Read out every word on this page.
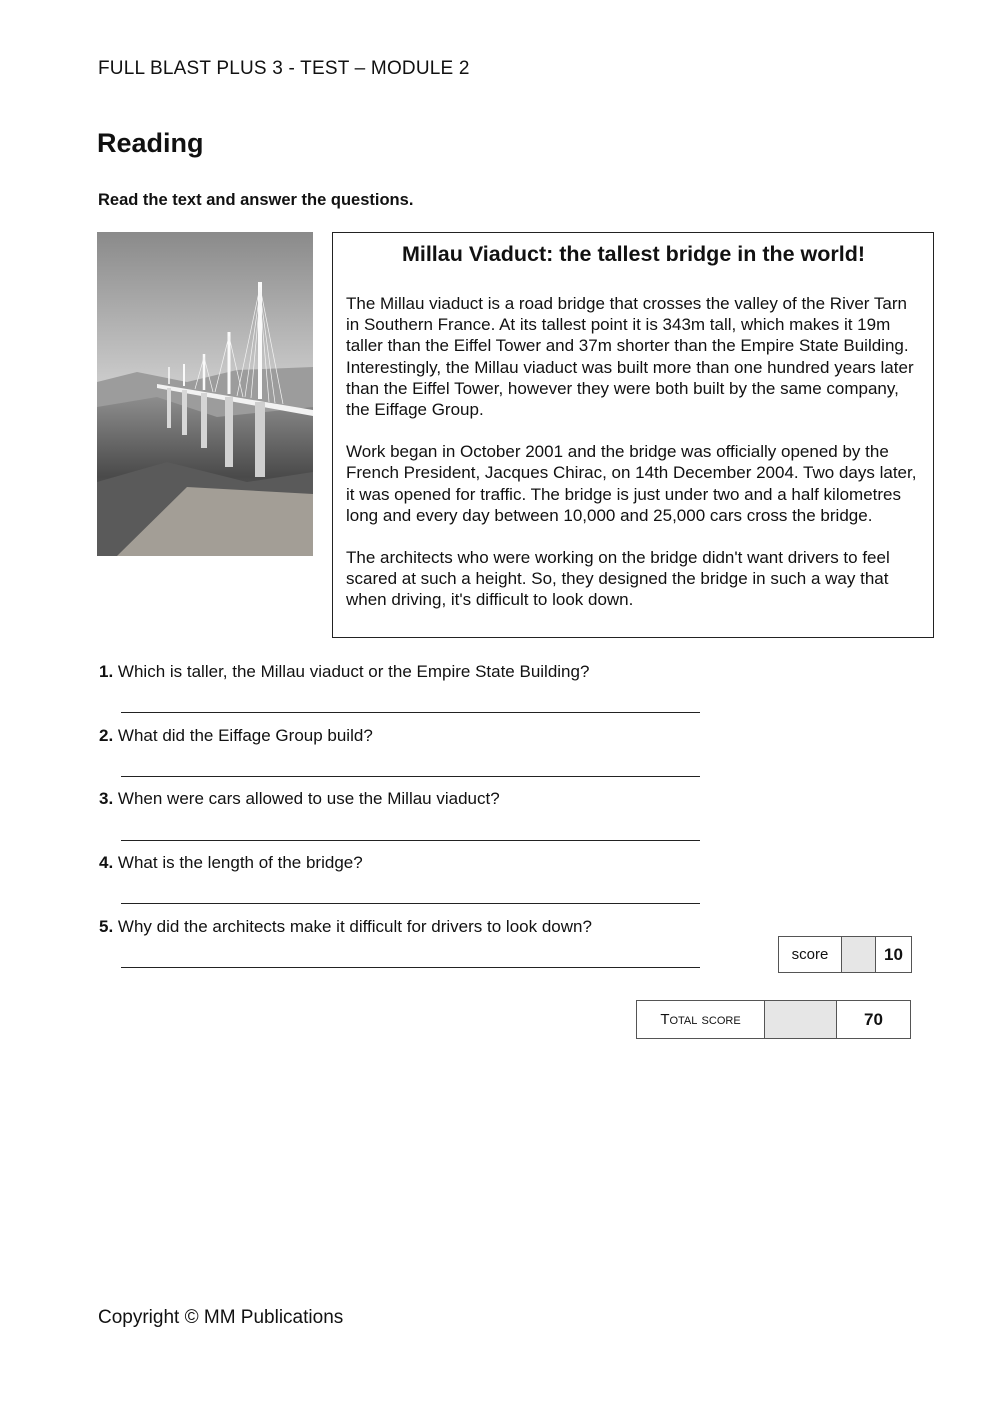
FULL BLAST PLUS 3 - TEST – MODULE 2
Reading
Read the text and answer the questions.
Millau Viaduct: the tallest bridge in the world!

The Millau viaduct is a road bridge that crosses the valley of the River Tarn in Southern France. At its tallest point it is 343m tall, which makes it 19m taller than the Eiffel Tower and 37m shorter than the Empire State Building. Interestingly, the Millau viaduct was built more than one hundred years later than the Eiffel Tower, however they were both built by the same company, the Eiffage Group.

Work began in October 2001 and the bridge was officially opened by the French President, Jacques Chirac, on 14th December 2004. Two days later, it was opened for traffic. The bridge is just under two and a half kilometres long and every day between 10,000 and 25,000 cars cross the bridge.

The architects who were working on the bridge didn't want drivers to feel scared at such a height. So, they designed the bridge in such a way that when driving, it's difficult to look down.

1. Which is taller, the Millau viaduct or the Empire State Building?
2. What did the Eiffage Group build?
3. When were cars allowed to use the Millau viaduct?
4. What is the length of the bridge?
5. Why did the architects make it difficult for drivers to look down?
score		10
Total score		70
Copyright © MM Publications
